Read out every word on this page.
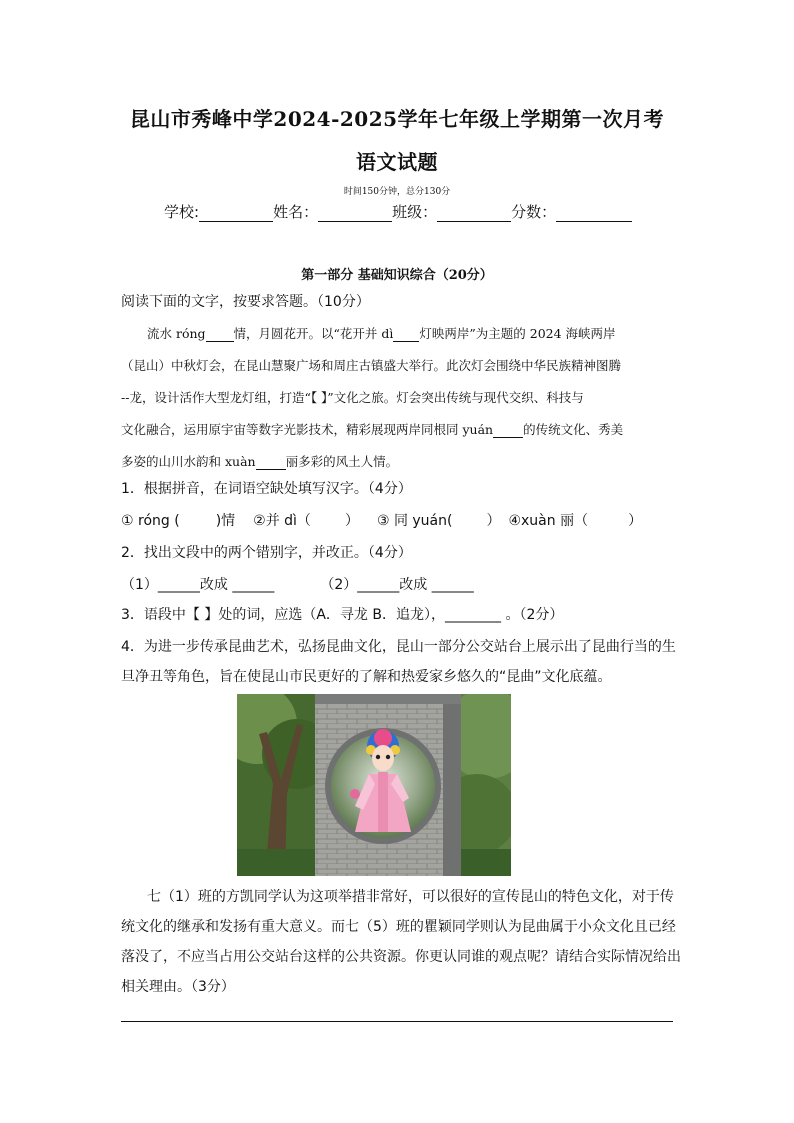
昆山市秀峰中学2024-2025学年七年级上学期第一次月考
语文试题
时间150分钟，总分130分
学校:	姓名：	班级：	分数：
第一部分 基础知识综合（20分）
阅读下面的文字，按要求答题。（10分）
流水 róng 情，月圆花开。以“花开并 dì 灯映两岸”为主题的 2024 海峡两岸
（昆山）中秋灯会，在昆山慧聚广场和周庄古镇盛大举行。此次灯会围绕中华民族精神图腾
--龙，设计活作大型龙灯组，打造“【 】”文化之旅。灯会突出传统与现代交织、科技与
文化融合，运用原宇宙等数字光影技术，精彩展现两岸同根同 yuán 的传统文化、秀美
多姿的山川水韵和 xuàn 丽多彩的风土人情。
1．根据拼音，在词语空缺处填写汉字。（4分）
① róng (	)情 ②并 dì（ ） ③ 同 yuán( ） ④xuàn 丽（	）
2．找出文段中的两个错别字，并改正。（4分）
（1）______改成 ______	（2）______改成 ______
3．语段中【 】处的词，应选（A．寻龙 B．追龙），________ 。（2分）
4．为进一步传承昆曲艺术，弘扬昆曲文化，昆山一部分公交站台上展示出了昆曲行当的生
旦净丑等角色，旨在使昆山市民更好的了解和热爱家乡悠久的“昆曲”文化底蕴。
七（1）班的方凯同学认为这项举措非常好，可以很好的宣传昆山的特色文化，对于传
统文化的继承和发扬有重大意义。而七（5）班的瞿颖同学则认为昆曲属于小众文化且已经
落没了，不应当占用公交站台这样的公共资源。你更认同谁的观点呢？请结合实际情况给出
相关理由。（3分）
